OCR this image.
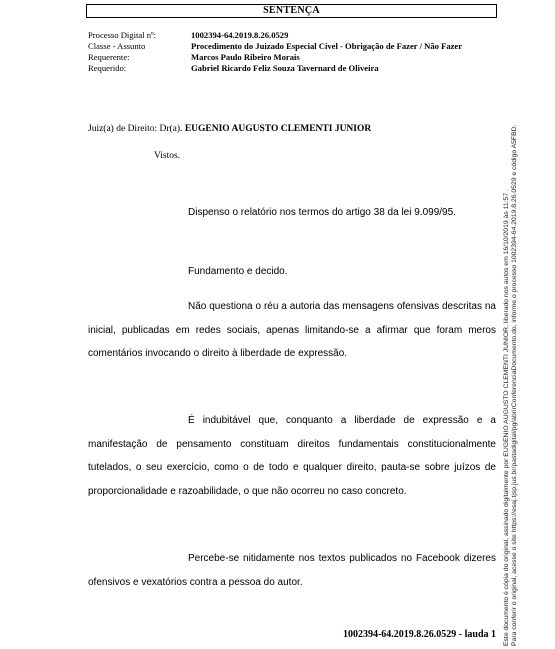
SENTENÇA
Processo Digital nº:	1002394-64.2019.8.26.0529
Classe - Assunto	Procedimento do Juizado Especial Cível - Obrigação de Fazer / Não Fazer
Requerente:	Marcos Paulo Ribeiro Morais
Requerido:	Gabriel Ricardo Feliz Souza Tavernard de Oliveira
Juiz(a) de Direito: Dr(a). EUGENIO AUGUSTO CLEMENTI JUNIOR
Vistos.
Dispenso o relatório nos termos do artigo 38 da lei 9.099/95.
Fundamento e decido.
Não questiona o réu a autoria das mensagens ofensivas descritas na inicial, publicadas em redes sociais, apenas limitando-se a afirmar que foram meros comentários invocando o direito à liberdade de expressão.
É indubitável que, conquanto a liberdade de expressão e a manifestação de pensamento constituam direitos fundamentais constitucionalmente tutelados, o seu exercício, como o de todo e qualquer direito, pauta-se sobre juízos de proporcionalidade e razoabilidade, o que não ocorreu no caso concreto.
Percebe-se nitidamente nos textos publicados no Facebook dizeres ofensivos e vexatórios contra a pessoa do autor.
1002394-64.2019.8.26.0529 - lauda 1 Este documento é cópia do original, assinado digitalmente por EUGENIO AUGUSTO CLEMENTI JUNIOR, liberado nos autos em 16/10/2019 às 11:57 . Para conferir o original, acesse o site https://esaj.tjsp.jus.br/pastadigital/pg/abrirConferenciaDocumento.do, informe o processo 1002394-64.2019.8.26.0529 e código A5FBD.
